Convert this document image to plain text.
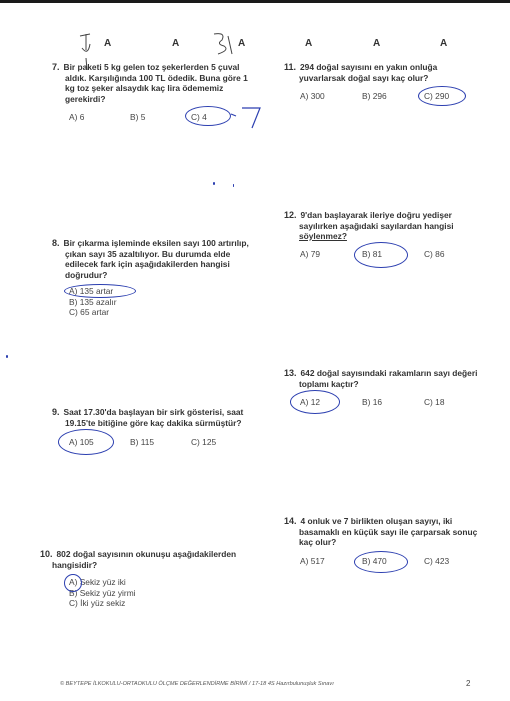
A	A	A	A	A	A
7. Bir paketi 5 kg gelen toz şekerlerden 5 çuval
aldık. Karşılığında 100 TL ödedik. Buna göre 1
kg toz şeker alsaydık kaç lira ödememiz
gerekirdi?
A) 6	B) 5	C) 4
8. Bir çıkarma işleminde eksilen sayı 100 artırılıp,
çıkan sayı 35 azaltılıyor. Bu durumda elde
edilecek fark için aşağıdakilerden hangisi
doğrudur?
A) 135 artar
B) 135 azalır
C) 65 artar
9. Saat 17.30'da başlayan bir sirk gösterisi, saat
19.15'te bitiğine göre kaç dakika sürmüştür?
A) 105	B) 115	C) 125
10. 802 doğal sayısının okunuşu aşağıdakilerden
hangisidir?
A) Sekiz yüz iki
B) Sekiz yüz yirmi
C) İki yüz sekiz
11. 294 doğal sayısını en yakın onluğa
yuvarlarsak doğal sayı kaç olur?
A) 300	B) 296	C) 290
12. 9'dan başlayarak ileriye doğru yedişer
sayılırken aşağıdaki sayılardan hangisi
söylenmez?
A) 79	B) 81	C) 86
13. 642 doğal sayısındaki rakamların sayı değeri
toplamı kaçtır?
A) 12	B) 16	C) 18
14. 4 onluk ve 7 birlikten oluşan sayıyı, iki
basamaklı en küçük sayı ile çarparsak sonuç
kaç olur?
A) 517	B) 470	C) 423
© BEYTEPE İLKOKULU-ORTAOKULU ÖLÇME DEĞERLENDİRME BİRİMİ / 17-18 4S Hazırbulunuşluk Sınavı	2
